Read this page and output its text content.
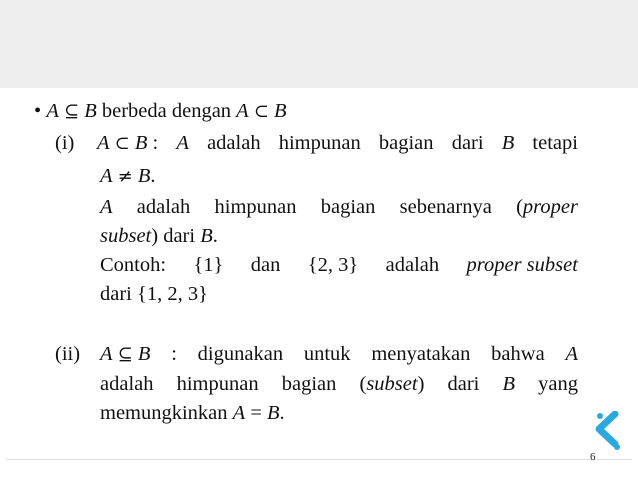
• A ⊆ B berbeda dengan A ⊂ B
(i) A ⊂ B : A adalah himpunan bagian dari B tetapi
A ≠ B.
A adalah himpunan bagian sebenarnya (proper
subset) dari B.
Contoh: {1} dan {2, 3} adalah proper subset
dari {1, 2, 3}
(ii) A ⊆ B : digunakan untuk menyatakan bahwa A
adalah himpunan bagian (subset) dari B yang
memungkinkan A = B.
6
